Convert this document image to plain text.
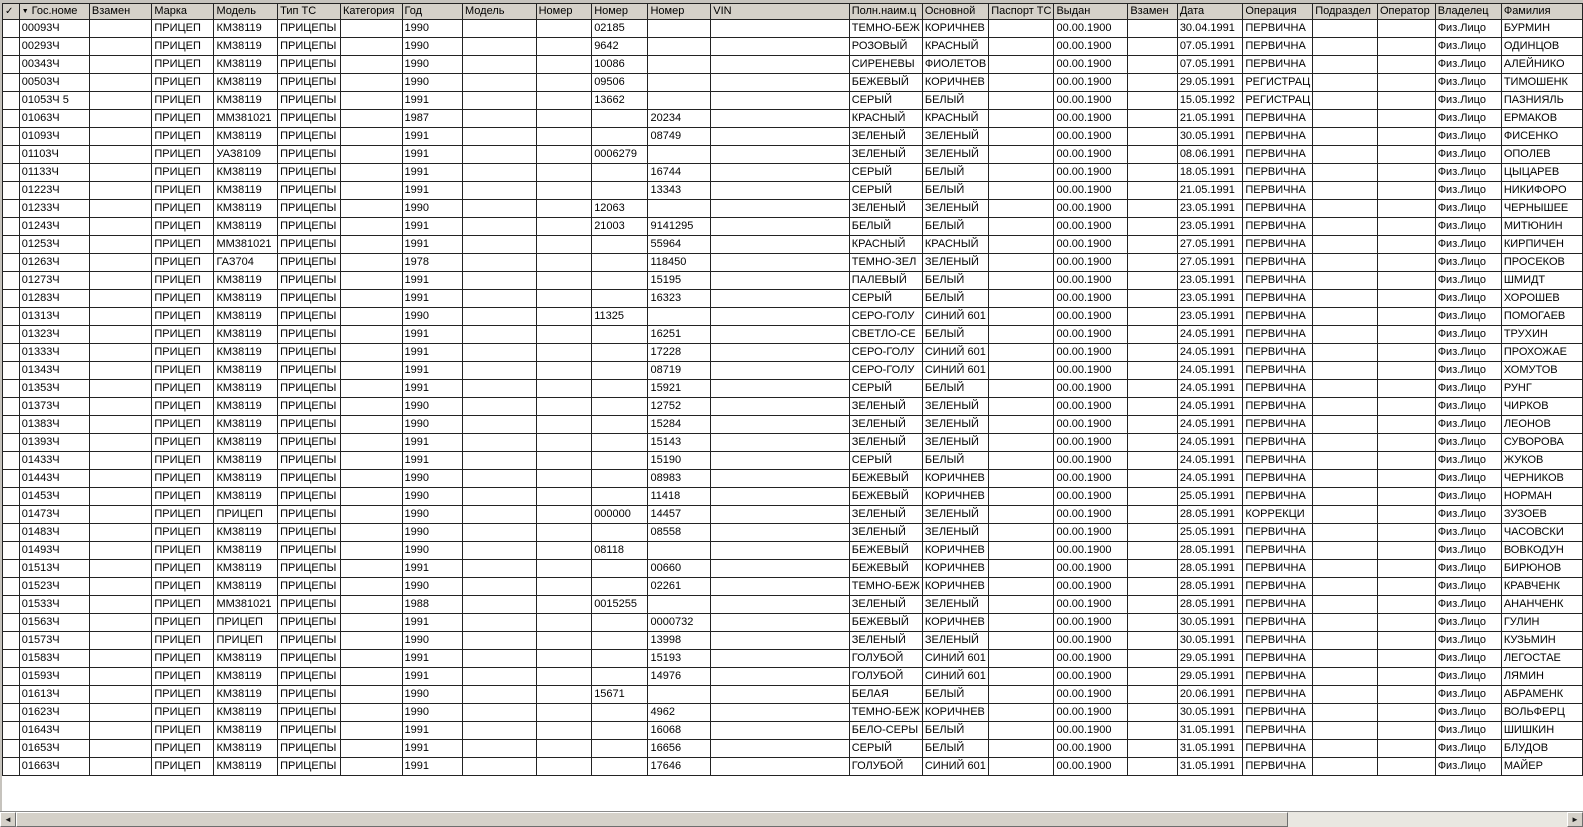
✓	▼ Гос.номе	Взамен	Марка	Модель	Тип ТС	Категория	Год	Модель	Номер	Номер	Номер	VIN	Полн.наим.ц	Основной	Паспорт ТС	Выдан	Взамен	Дата	Операция	Подраздел	Оператор	Владелец	Фамилия
	00093Ч		ПРИЦЕП	КМ38119	ПРИЦЕПЫ		1990			02185			ТЕМНО-БЕЖ	КОРИЧНЕВ		00.00.1900		30.04.1991	ПЕРВИЧНА			Физ.Лицо	БУРМИН
	00293Ч		ПРИЦЕП	КМ38119	ПРИЦЕПЫ		1990			9642			РОЗОВЫЙ	КРАСНЫЙ		00.00.1900		07.05.1991	ПЕРВИЧНА			Физ.Лицо	ОДИНЦОВ
	00343Ч		ПРИЦЕП	КМ38119	ПРИЦЕПЫ		1990			10086			СИРЕНЕВЫ	ФИОЛЕТОВ		00.00.1900		07.05.1991	ПЕРВИЧНА			Физ.Лицо	АЛЕЙНИКО
	00503Ч		ПРИЦЕП	КМ38119	ПРИЦЕПЫ		1990			09506			БЕЖЕВЫЙ	КОРИЧНЕВ		00.00.1900		29.05.1991	РЕГИСТРАЦ			Физ.Лицо	ТИМОШЕНК
	01053Ч 5		ПРИЦЕП	КМ38119	ПРИЦЕПЫ		1991			13662			СЕРЫЙ	БЕЛЫЙ		00.00.1900		15.05.1992	РЕГИСТРАЦ			Физ.Лицо	ПАЗНИЯЛЬ
	01063Ч		ПРИЦЕП	ММ381021	ПРИЦЕПЫ		1987				20234		КРАСНЫЙ	КРАСНЫЙ		00.00.1900		21.05.1991	ПЕРВИЧНА			Физ.Лицо	ЕРМАКОВ
	01093Ч		ПРИЦЕП	КМ38119	ПРИЦЕПЫ		1991				08749		ЗЕЛЕНЫЙ	ЗЕЛЕНЫЙ		00.00.1900		30.05.1991	ПЕРВИЧНА			Физ.Лицо	ФИСЕНКО
	01103Ч		ПРИЦЕП	УАЗ8109	ПРИЦЕПЫ		1991			0006279			ЗЕЛЕНЫЙ	ЗЕЛЕНЫЙ		00.00.1900		08.06.1991	ПЕРВИЧНА			Физ.Лицо	ОПОЛЕВ
	01133Ч		ПРИЦЕП	КМ38119	ПРИЦЕПЫ		1991				16744		СЕРЫЙ	БЕЛЫЙ		00.00.1900		18.05.1991	ПЕРВИЧНА			Физ.Лицо	ЦЫЦАРЕВ
	01223Ч		ПРИЦЕП	КМ38119	ПРИЦЕПЫ		1991				13343		СЕРЫЙ	БЕЛЫЙ		00.00.1900		21.05.1991	ПЕРВИЧНА			Физ.Лицо	НИКИФОРО
	01233Ч		ПРИЦЕП	КМ38119	ПРИЦЕПЫ		1990			12063			ЗЕЛЕНЫЙ	ЗЕЛЕНЫЙ		00.00.1900		23.05.1991	ПЕРВИЧНА			Физ.Лицо	ЧЕРНЫШЕЕ
	01243Ч		ПРИЦЕП	КМ38119	ПРИЦЕПЫ		1991			21003	9141295		БЕЛЫЙ	БЕЛЫЙ		00.00.1900		23.05.1991	ПЕРВИЧНА			Физ.Лицо	МИТЮНИН
	01253Ч		ПРИЦЕП	ММ381021	ПРИЦЕПЫ		1991				55964		КРАСНЫЙ	КРАСНЫЙ		00.00.1900		27.05.1991	ПЕРВИЧНА			Физ.Лицо	КИРПИЧЕН
	01263Ч		ПРИЦЕП	ГАЗ704	ПРИЦЕПЫ		1978				118450		ТЕМНО-ЗЕЛ	ЗЕЛЕНЫЙ		00.00.1900		27.05.1991	ПЕРВИЧНА			Физ.Лицо	ПРОСЕКОВ
	01273Ч		ПРИЦЕП	КМ38119	ПРИЦЕПЫ		1991				15195		ПАЛЕВЫЙ	БЕЛЫЙ		00.00.1900		23.05.1991	ПЕРВИЧНА			Физ.Лицо	ШМИДТ
	01283Ч		ПРИЦЕП	КМ38119	ПРИЦЕПЫ		1991				16323		СЕРЫЙ	БЕЛЫЙ		00.00.1900		23.05.1991	ПЕРВИЧНА			Физ.Лицо	ХОРОШЕВ
	01313Ч		ПРИЦЕП	КМ38119	ПРИЦЕПЫ		1990			11325			СЕРО-ГОЛУ	СИНИЙ 601		00.00.1900		23.05.1991	ПЕРВИЧНА			Физ.Лицо	ПОМОГАЕВ
	01323Ч		ПРИЦЕП	КМ38119	ПРИЦЕПЫ		1991				16251		СВЕТЛО-СЕ	БЕЛЫЙ		00.00.1900		24.05.1991	ПЕРВИЧНА			Физ.Лицо	ТРУХИН
	01333Ч		ПРИЦЕП	КМ38119	ПРИЦЕПЫ		1991				17228		СЕРО-ГОЛУ	СИНИЙ 601		00.00.1900		24.05.1991	ПЕРВИЧНА			Физ.Лицо	ПРОХОЖАЕ
	01343Ч		ПРИЦЕП	КМ38119	ПРИЦЕПЫ		1991				08719		СЕРО-ГОЛУ	СИНИЙ 601		00.00.1900		24.05.1991	ПЕРВИЧНА			Физ.Лицо	ХОМУТОВ
	01353Ч		ПРИЦЕП	КМ38119	ПРИЦЕПЫ		1991				15921		СЕРЫЙ	БЕЛЫЙ		00.00.1900		24.05.1991	ПЕРВИЧНА			Физ.Лицо	РУНГ
	01373Ч		ПРИЦЕП	КМ38119	ПРИЦЕПЫ		1990				12752		ЗЕЛЕНЫЙ	ЗЕЛЕНЫЙ		00.00.1900		24.05.1991	ПЕРВИЧНА			Физ.Лицо	ЧИРКОВ
	01383Ч		ПРИЦЕП	КМ38119	ПРИЦЕПЫ		1990				15284		ЗЕЛЕНЫЙ	ЗЕЛЕНЫЙ		00.00.1900		24.05.1991	ПЕРВИЧНА			Физ.Лицо	ЛЕОНОВ
	01393Ч		ПРИЦЕП	КМ38119	ПРИЦЕПЫ		1991				15143		ЗЕЛЕНЫЙ	ЗЕЛЕНЫЙ		00.00.1900		24.05.1991	ПЕРВИЧНА			Физ.Лицо	СУВОРОВА
	01433Ч		ПРИЦЕП	КМ38119	ПРИЦЕПЫ		1991				15190		СЕРЫЙ	БЕЛЫЙ		00.00.1900		24.05.1991	ПЕРВИЧНА			Физ.Лицо	ЖУКОВ
	01443Ч		ПРИЦЕП	КМ38119	ПРИЦЕПЫ		1990				08983		БЕЖЕВЫЙ	КОРИЧНЕВ		00.00.1900		24.05.1991	ПЕРВИЧНА			Физ.Лицо	ЧЕРНИКОВ
	01453Ч		ПРИЦЕП	КМ38119	ПРИЦЕПЫ		1990				11418		БЕЖЕВЫЙ	КОРИЧНЕВ		00.00.1900		25.05.1991	ПЕРВИЧНА			Физ.Лицо	НОРМАН
	01473Ч		ПРИЦЕП	ПРИЦЕП	ПРИЦЕПЫ		1990			000000	14457		ЗЕЛЕНЫЙ	ЗЕЛЕНЫЙ		00.00.1900		28.05.1991	КОРРЕКЦИ			Физ.Лицо	ЗУЗОЕВ
	01483Ч		ПРИЦЕП	КМ38119	ПРИЦЕПЫ		1990				08558		ЗЕЛЕНЫЙ	ЗЕЛЕНЫЙ		00.00.1900		25.05.1991	ПЕРВИЧНА			Физ.Лицо	ЧАСОВСКИ
	01493Ч		ПРИЦЕП	КМ38119	ПРИЦЕПЫ		1990			08118			БЕЖЕВЫЙ	КОРИЧНЕВ		00.00.1900		28.05.1991	ПЕРВИЧНА			Физ.Лицо	ВОВКОДУН
	01513Ч		ПРИЦЕП	КМ38119	ПРИЦЕПЫ		1991				00660		БЕЖЕВЫЙ	КОРИЧНЕВ		00.00.1900		28.05.1991	ПЕРВИЧНА			Физ.Лицо	БИРЮНОВ
	01523Ч		ПРИЦЕП	КМ38119	ПРИЦЕПЫ		1990				02261		ТЕМНО-БЕЖ	КОРИЧНЕВ		00.00.1900		28.05.1991	ПЕРВИЧНА			Физ.Лицо	КРАВЧЕНК
	01533Ч		ПРИЦЕП	ММ381021	ПРИЦЕПЫ		1988			0015255			ЗЕЛЕНЫЙ	ЗЕЛЕНЫЙ		00.00.1900		28.05.1991	ПЕРВИЧНА			Физ.Лицо	АНАНЧЕНК
	01563Ч		ПРИЦЕП	ПРИЦЕП	ПРИЦЕПЫ		1991				0000732		БЕЖЕВЫЙ	КОРИЧНЕВ		00.00.1900		30.05.1991	ПЕРВИЧНА			Физ.Лицо	ГУЛИН
	01573Ч		ПРИЦЕП	ПРИЦЕП	ПРИЦЕПЫ		1990				13998		ЗЕЛЕНЫЙ	ЗЕЛЕНЫЙ		00.00.1900		30.05.1991	ПЕРВИЧНА			Физ.Лицо	КУЗЬМИН
	01583Ч		ПРИЦЕП	КМ38119	ПРИЦЕПЫ		1991				15193		ГОЛУБОЙ	СИНИЙ 601		00.00.1900		29.05.1991	ПЕРВИЧНА			Физ.Лицо	ЛЕГОСТАЕ
	01593Ч		ПРИЦЕП	КМ38119	ПРИЦЕПЫ		1991				14976		ГОЛУБОЙ	СИНИЙ 601		00.00.1900		29.05.1991	ПЕРВИЧНА			Физ.Лицо	ЛЯМИН
	01613Ч		ПРИЦЕП	КМ38119	ПРИЦЕПЫ		1990			15671			БЕЛАЯ	БЕЛЫЙ		00.00.1900		20.06.1991	ПЕРВИЧНА			Физ.Лицо	АБРАМЕНК
	01623Ч		ПРИЦЕП	КМ38119	ПРИЦЕПЫ		1990				4962		ТЕМНО-БЕЖ	КОРИЧНЕВ		00.00.1900		30.05.1991	ПЕРВИЧНА			Физ.Лицо	ВОЛЬФЕРЦ
	01643Ч		ПРИЦЕП	КМ38119	ПРИЦЕПЫ		1991				16068		БЕЛО-СЕРЫ	БЕЛЫЙ		00.00.1900		31.05.1991	ПЕРВИЧНА			Физ.Лицо	ШИШКИН
	01653Ч		ПРИЦЕП	КМ38119	ПРИЦЕПЫ		1991				16656		СЕРЫЙ	БЕЛЫЙ		00.00.1900		31.05.1991	ПЕРВИЧНА			Физ.Лицо	БЛУДОВ
	01663Ч		ПРИЦЕП	КМ38119	ПРИЦЕПЫ		1991				17646		ГОЛУБОЙ	СИНИЙ 601		00.00.1900		31.05.1991	ПЕРВИЧНА			Физ.Лицо	МАЙЕР
◄	►
